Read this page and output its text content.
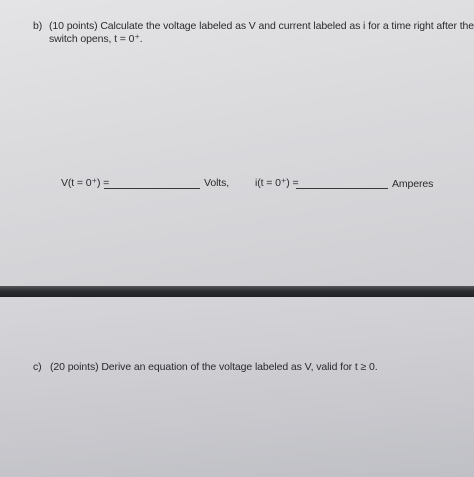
b) (10 points) Calculate the voltage labeled as V and current labeled as i for a time right after the
switch opens, t = 0⁺.
V(t = 0⁺) =	Volts, i(t = 0⁺) =	Amperes
c) (20 points) Derive an equation of the voltage labeled as V, valid for t ≥ 0.
